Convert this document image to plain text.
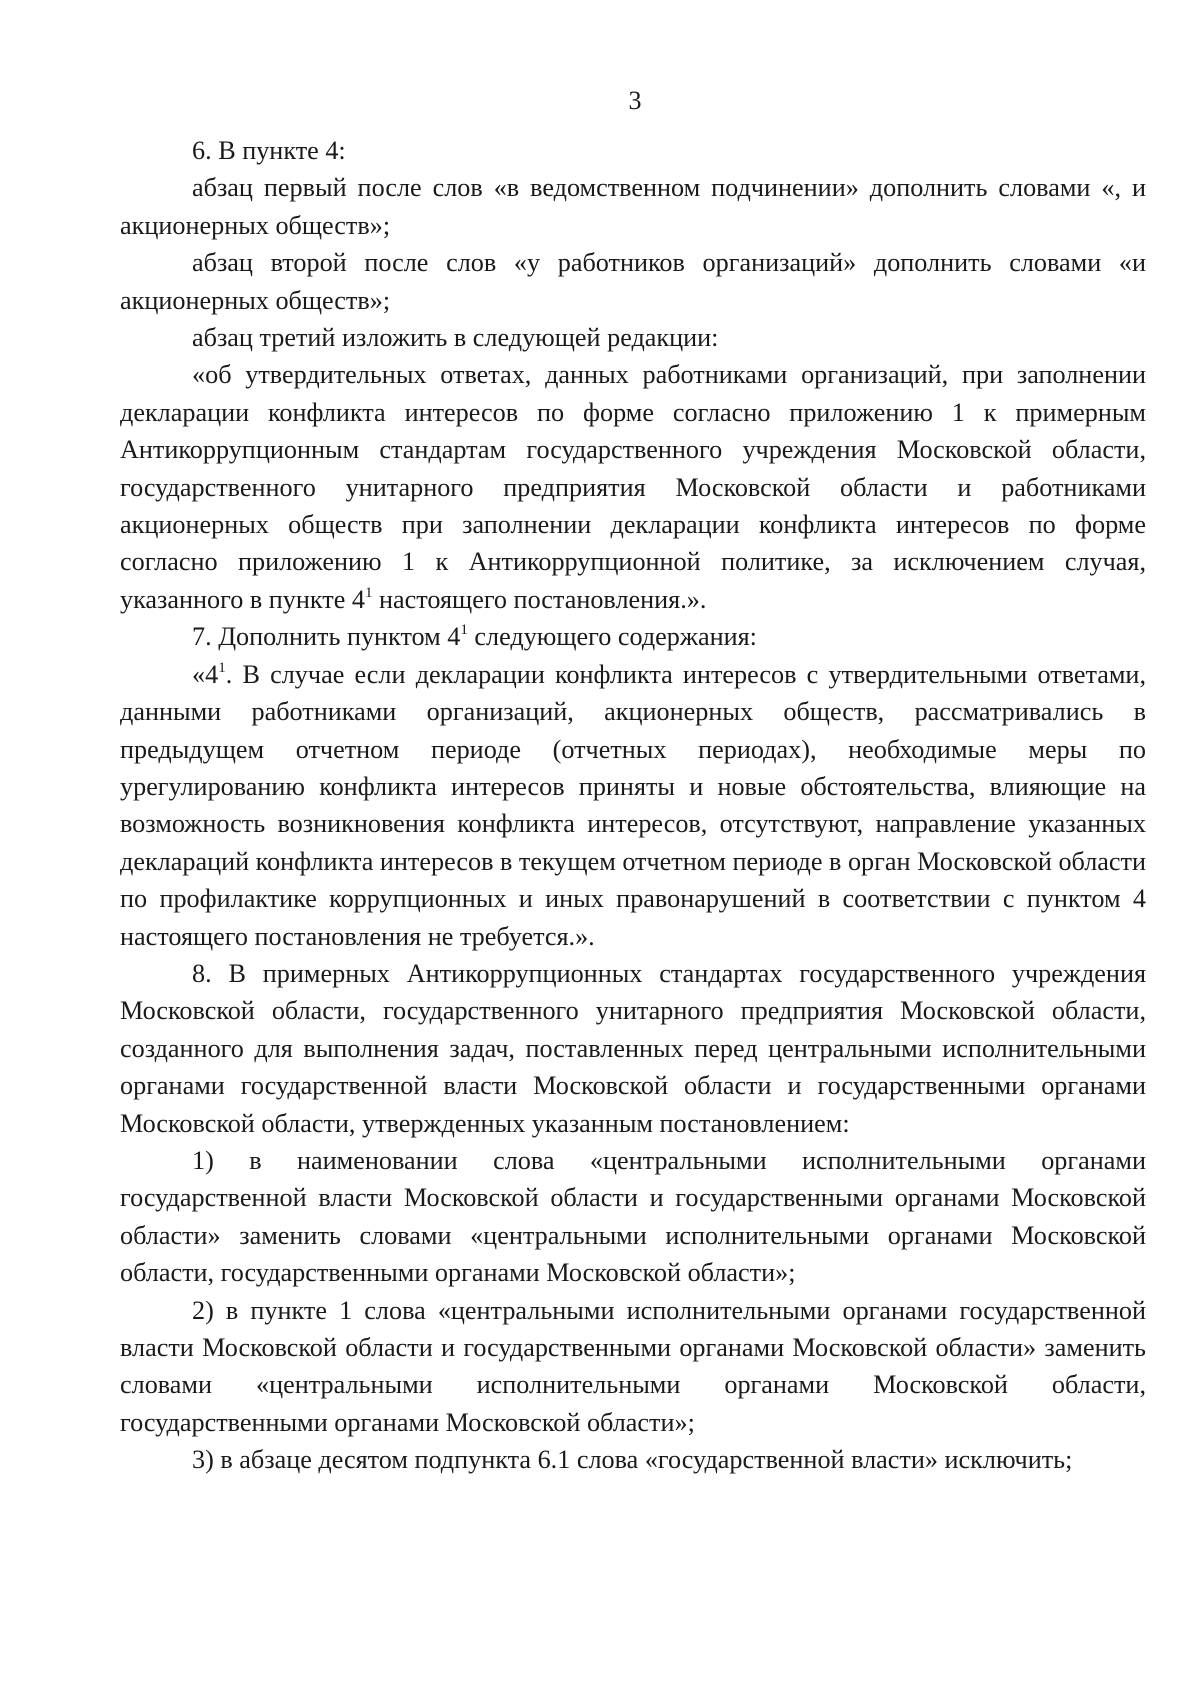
3

6. В пункте 4:

абзац первый после слов «в ведомственном подчинении» дополнить словами «, и акционерных обществ»;

абзац второй после слов «у работников организаций» дополнить словами «и акционерных обществ»;

абзац третий изложить в следующей редакции:

«об утвердительных ответах, данных работниками организаций, при заполнении декларации конфликта интересов по форме согласно приложению 1 к примерным Антикоррупционным стандартам государственного учреждения Московской области, государственного унитарного предприятия Московской области и работниками акционерных обществ при заполнении декларации конфликта интересов по форме согласно приложению 1 к Антикоррупционной политике, за исключением случая, указанного в пункте $4^1$ настоящего постановления.».

7. Дополнить пунктом $4^1$ следующего содержания:

«$4^1$. В случае если декларации конфликта интересов с утвердительными ответами, данными работниками организаций, акционерных обществ, рассматривались в предыдущем отчетном периоде (отчетных периодах), необходимые меры по урегулированию конфликта интересов приняты и новые обстоятельства, влияющие на возможность возникновения конфликта интересов, отсутствуют, направление указанных деклараций конфликта интересов в текущем отчетном периоде в орган Московской области по профилактике коррупционных и иных правонарушений в соответствии с пунктом 4 настоящего постановления не требуется.».

8. В примерных Антикоррупционных стандартах государственного учреждения Московской области, государственного унитарного предприятия Московской области, созданного для выполнения задач, поставленных перед центральными исполнительными органами государственной власти Московской области и государственными органами Московской области, утвержденных указанным постановлением:

1) в наименовании слова «центральными исполнительными органами государственной власти Московской области и государственными органами Московской области» заменить словами «центральными исполнительными органами Московской области, государственными органами Московской области»;

2) в пункте 1 слова «центральными исполнительными органами государственной власти Московской области и государственными органами Московской области» заменить словами «центральными исполнительными органами Московской области, государственными органами Московской области»;

3) в абзаце десятом подпункта 6.1 слова «государственной власти» исключить;
